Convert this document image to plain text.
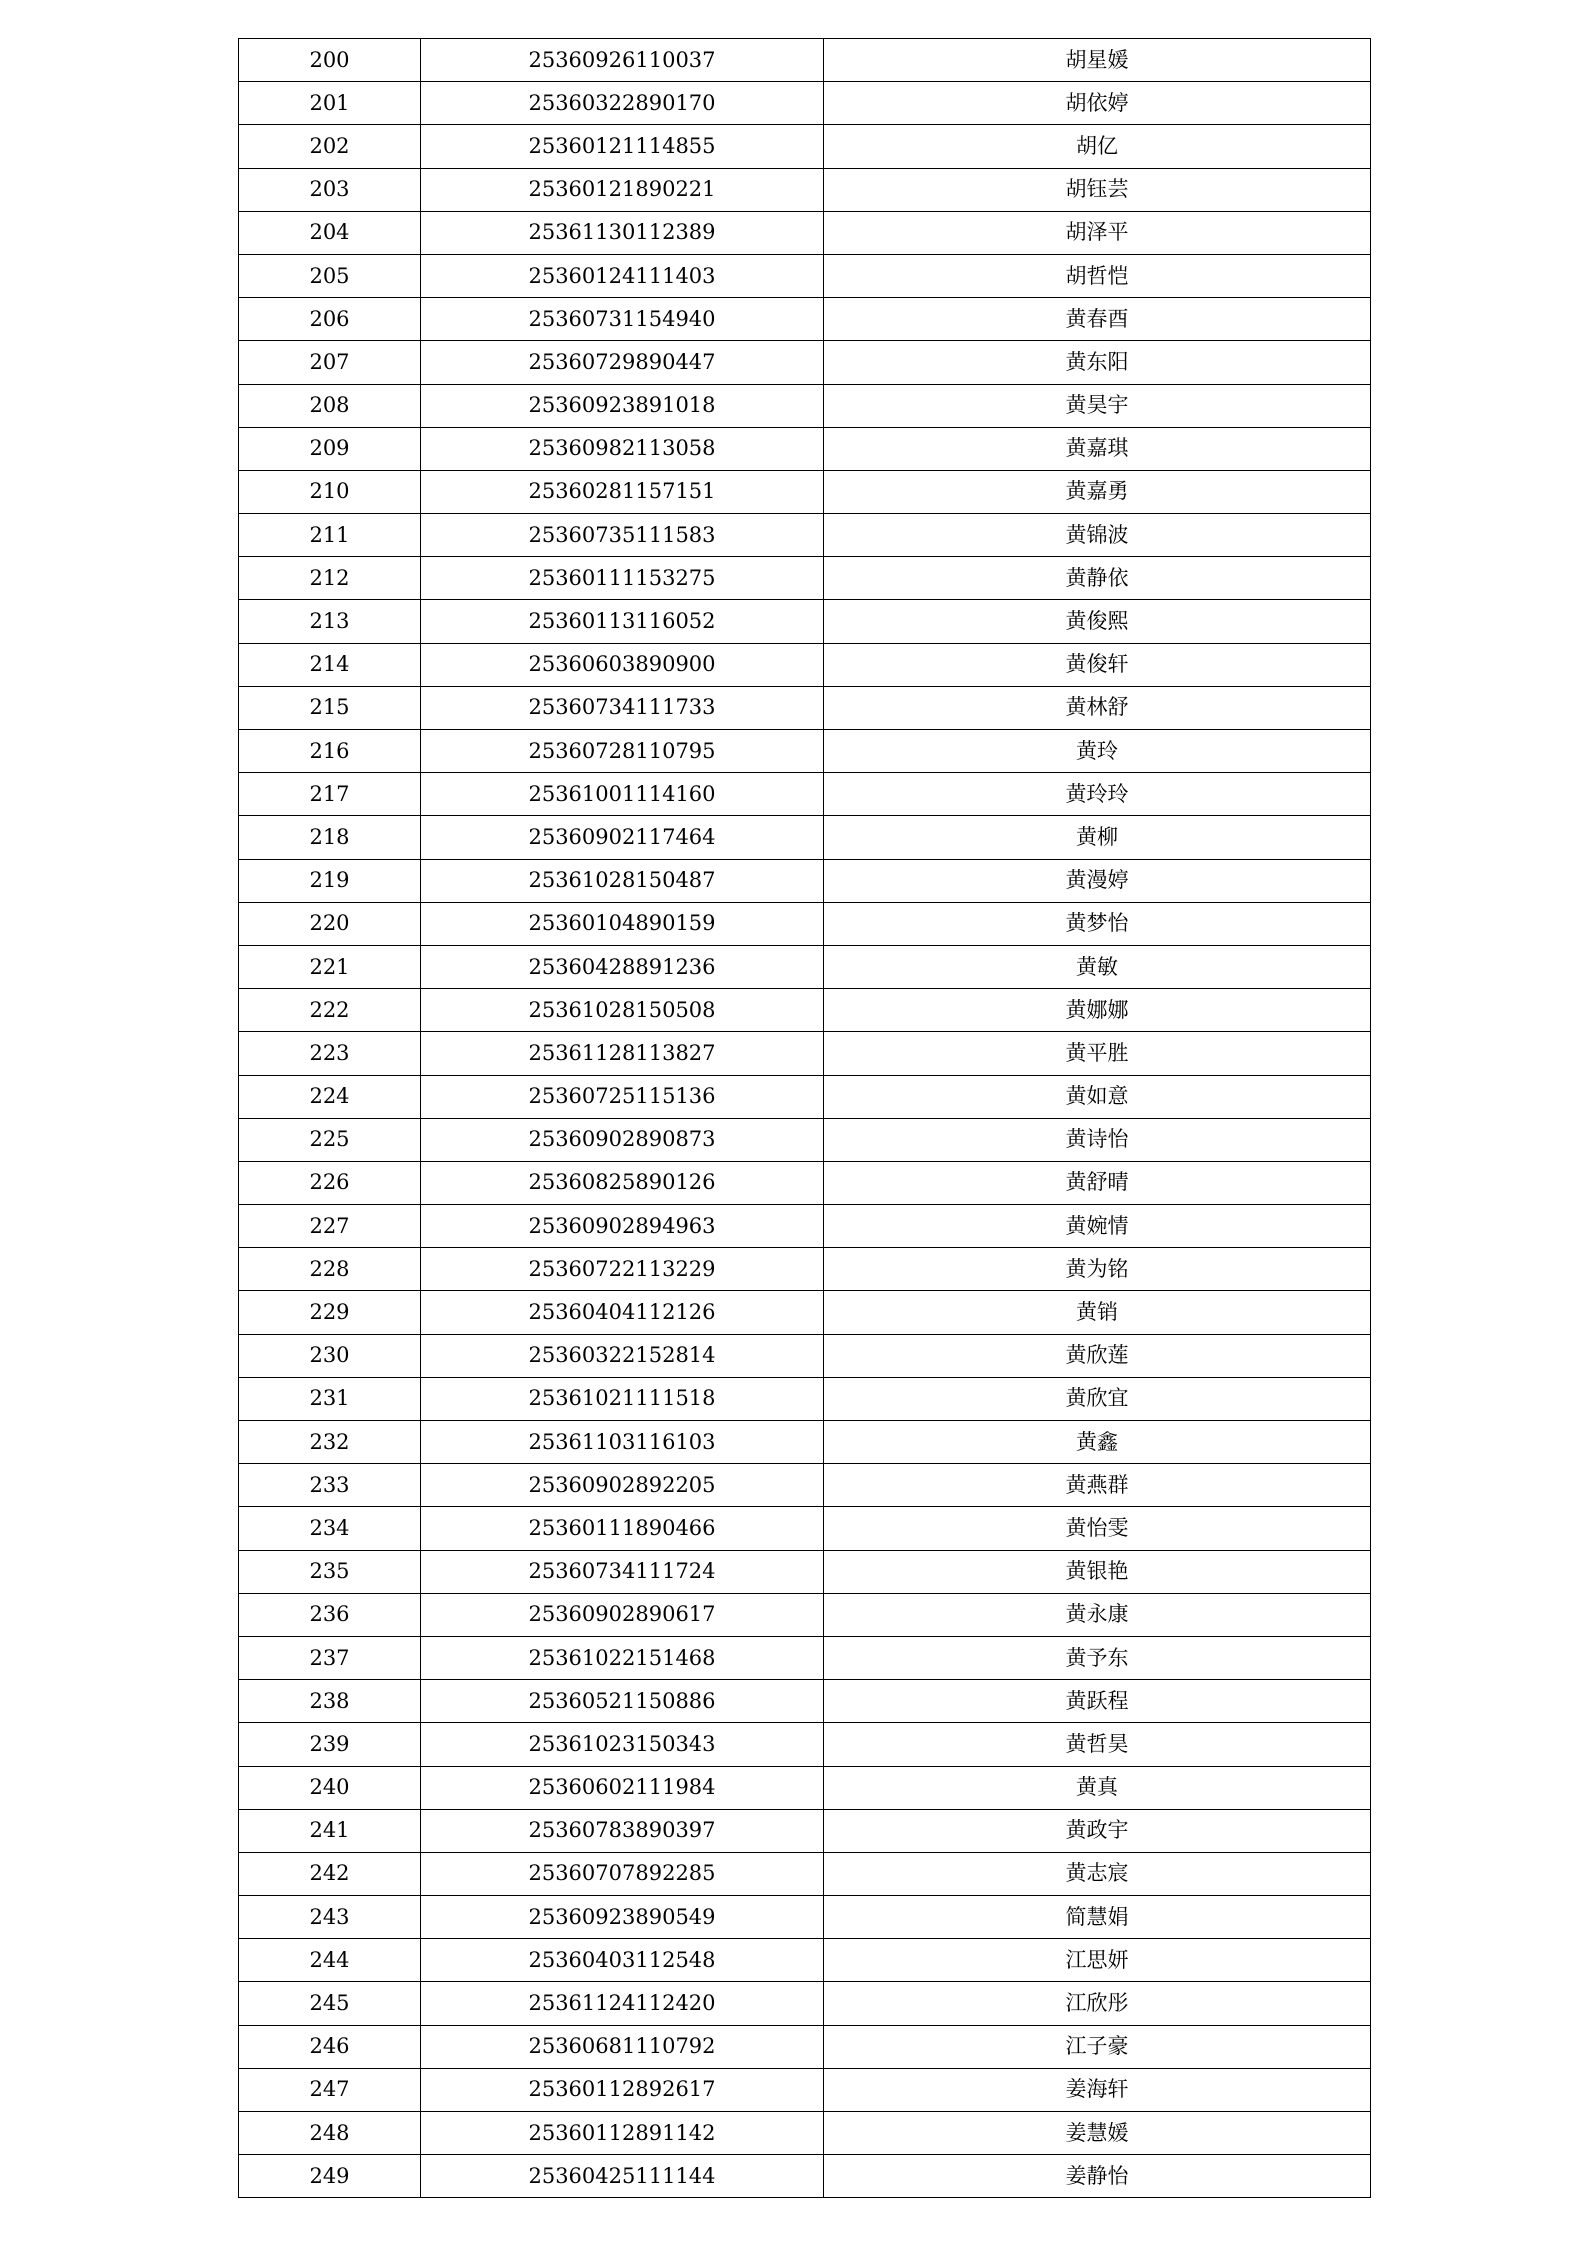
200	25360926110037	胡星媛
201	25360322890170	胡依婷
202	25360121114855	胡亿
203	25360121890221	胡钰芸
204	25361130112389	胡泽平
205	25360124111403	胡哲恺
206	25360731154940	黄春酉
207	25360729890447	黄东阳
208	25360923891018	黄昊宇
209	25360982113058	黄嘉琪
210	25360281157151	黄嘉勇
211	25360735111583	黄锦波
212	25360111153275	黄静依
213	25360113116052	黄俊熙
214	25360603890900	黄俊轩
215	25360734111733	黄林舒
216	25360728110795	黄玲
217	25361001114160	黄玲玲
218	25360902117464	黄柳
219	25361028150487	黄漫婷
220	25360104890159	黄梦怡
221	25360428891236	黄敏
222	25361028150508	黄娜娜
223	25361128113827	黄平胜
224	25360725115136	黄如意
225	25360902890873	黄诗怡
226	25360825890126	黄舒晴
227	25360902894963	黄婉情
228	25360722113229	黄为铭
229	25360404112126	黄销
230	25360322152814	黄欣莲
231	25361021111518	黄欣宜
232	25361103116103	黄鑫
233	25360902892205	黄燕群
234	25360111890466	黄怡雯
235	25360734111724	黄银艳
236	25360902890617	黄永康
237	25361022151468	黄予东
238	25360521150886	黄跃程
239	25361023150343	黄哲昊
240	25360602111984	黄真
241	25360783890397	黄政宇
242	25360707892285	黄志宸
243	25360923890549	简慧娟
244	25360403112548	江思妍
245	25361124112420	江欣彤
246	25360681110792	江子豪
247	25360112892617	姜海轩
248	25360112891142	姜慧媛
249	25360425111144	姜静怡
